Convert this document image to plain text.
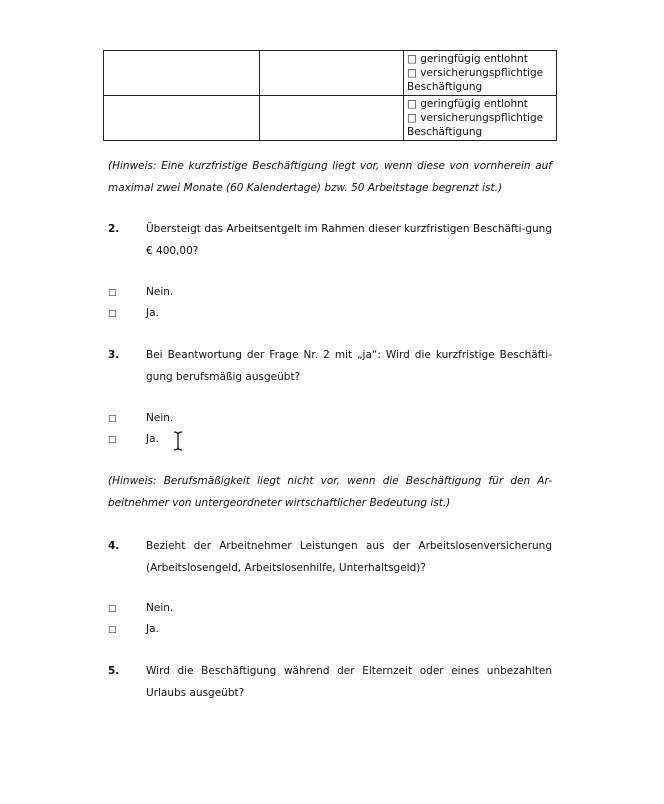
		□ geringfügig entlohnt
□ versicherungspflichtige Beschäftigung

		□ geringfügig entlohnt
□ versicherungspflichtige Beschäftigung
(Hinweis: Eine kurzfristige Beschäftigung liegt vor, wenn diese von vornherein auf maximal zwei Monate (60 Kalendertage) bzw. 50 Arbeitstage begrenzt ist.)
2.	Übersteigt das Arbeitsentgelt im Rahmen dieser kurzfristigen Beschäfti-gung € 400,00?
□	Nein.
□	Ja.
3.	Bei Beantwortung der Frage Nr. 2 mit „ja“: Wird die kurzfristige Beschäfti-gung berufsmäßig ausgeübt?
□	Nein.
□	Ja.
(Hinweis: Berufsmäßigkeit liegt nicht vor, wenn die Beschäftigung für den Ar-beitnehmer von untergeordneter wirtschaftlicher Bedeutung ist.)
4.	Bezieht der Arbeitnehmer Leistungen aus der Arbeitslosenversicherung (Arbeitslosengeld, Arbeitslosenhilfe, Unterhaltsgeld)?
□	Nein.
□	Ja.
5.	Wird die Beschäftigung während der Elternzeit oder eines unbezahlten Urlaubs ausgeübt?
